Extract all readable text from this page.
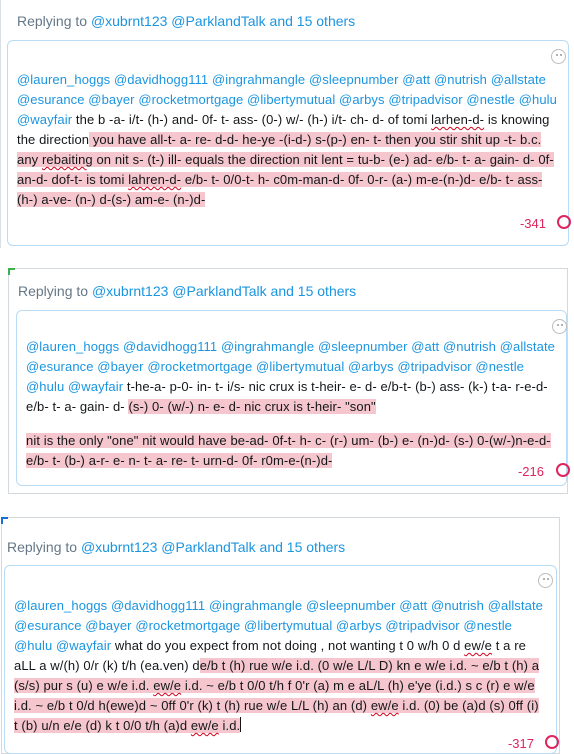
Replying to @xubrnt123 @ParklandTalk and 15 others
@lauren_hoggs @davidhogg111 @ingrahmangle @sleepnumber @att @nutrish @allstate @esurance @bayer @rocketmortgage @libertymutual @arbys @tripadvisor @nestle @hulu @wayfair the b -a- i/t- (h-) and- 0f- t- ass- (0-) w/- (h-) i/t- ch- d- of tomi larhen-d- is knowing the direction you have all-t- a- re- d-d- he-ye -(i-d-) s-(p-) en- t- then you stir shit up -t- b.c. any rebaiting on nit s- (t-) ill- equals the direction nit lent = tu-b- (e-) ad- e/b- t- a- gain- d- 0f- an-d- dof-t- is tomi lahren-d- e/b- t- 0/0-t- h- c0m-man-d- 0f- 0-r- (a-) m-e-(n-)d- e/b- t- ass- (h-) a-ve- (n-) d-(s-) am-e- (n-)d-
-341
Replying to @xubrnt123 @ParklandTalk and 15 others
@lauren_hoggs @davidhogg111 @ingrahmangle @sleepnumber @att @nutrish @allstate @esurance @bayer @rocketmortgage @libertymutual @arbys @tripadvisor @nestle @hulu @wayfair t-he-a- p-0- in- t- i/s- nic crux is t-heir- e- d- e/b-t- (b-) ass- (k-) t-a- r-e-d- e/b- t- a- gain- d- (s-) 0- (w/-) n- e- d- nic crux is t-heir- "son"

nit is the only "one" nit would have be-ad- 0f-t- h- c- (r-) um- (b-) e- (n-)d- (s-) 0-(w/-)n-e-d- e/b- t- (b-) a-r- e- n- t- a- re- t- urn-d- 0f- r0m-e-(n-)d-
-216
Replying to @xubrnt123 @ParklandTalk and 15 others
@lauren_hoggs @davidhogg111 @ingrahmangle @sleepnumber @att @nutrish @allstate @esurance @bayer @rocketmortgage @libertymutual @arbys @tripadvisor @nestle @hulu @wayfair what do you expect from not doing , not wanting t 0 w/h 0 d ew/e t a re aLL a w/(h) 0/r (k) t/h (ea.ven) de/b t (h) rue w/e i.d. (0 w/e L/L D) kn e w/e i.d. ~ e/b t (h) a (s/s) pur s (u) e w/e i.d. ew/e i.d. ~ e/b t 0/0 t/h f 0'r (a) m e aL/L (h) e'ye (i.d.) s c (r) e w/e i.d. ~ e/b t 0/d h(ewe)d ~ 0ff 0'r (k) t (h) rue w/e L/L (h) an (d) ew/e i.d. (0) be (a)d (s) 0ff (i) t (b) u/n e/e (d) k t 0/0 t/h (a)d ew/e i.d.
-317
